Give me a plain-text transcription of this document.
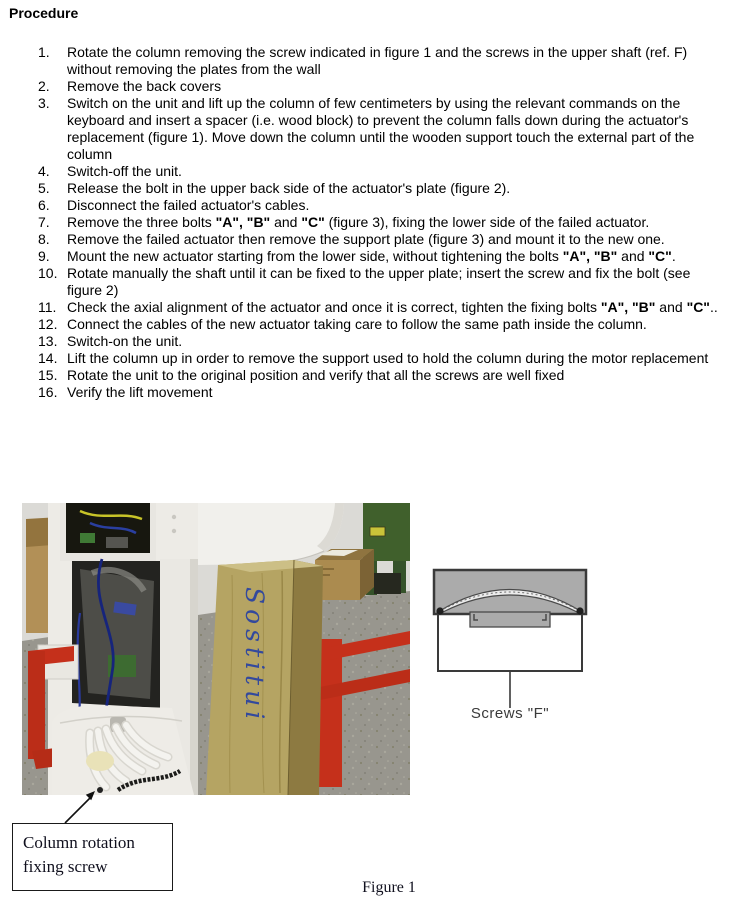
Procedure
1.	Rotate the column removing the screw indicated in figure 1 and the screws in the upper shaft (ref. F) without removing the plates from the wall
2.	Remove the back covers
3.	Switch on the unit and lift up the column of few centimeters by using the relevant commands on the keyboard and insert a spacer (i.e. wood block) to prevent the column falls down during the actuator's replacement (figure 1). Move down the column until the wooden support touch the external part of the column
4.	Switch-off the unit.
5.	Release the bolt in the upper back side of the actuator's plate (figure 2).
6.	Disconnect the failed actuator's cables.
7.	Remove the three bolts "A", "B" and "C" (figure 3), fixing the lower side of the failed actuator.
8.	Remove the failed actuator then remove the support plate (figure 3) and mount it to the new one.
9.	Mount the new actuator starting from the lower side, without tightening the bolts "A", "B" and "C".
10. Rotate manually the shaft until it can be fixed to the upper plate; insert the screw and fix the bolt (see figure 2)
11. Check the axial alignment of the actuator and once it is correct, tighten the fixing bolts "A", "B" and "C"..
12. Connect the cables of the new actuator taking care to follow the same path inside the column.
13. Switch-on the unit.
14. Lift the column up in order to remove the support used to hold the column during the motor replacement
15. Rotate the unit to the original position and verify that all the screws are well fixed
16. Verify the lift movement
Sostitui	Screws "F"
Column rotation
fixing screw
Figure 1
